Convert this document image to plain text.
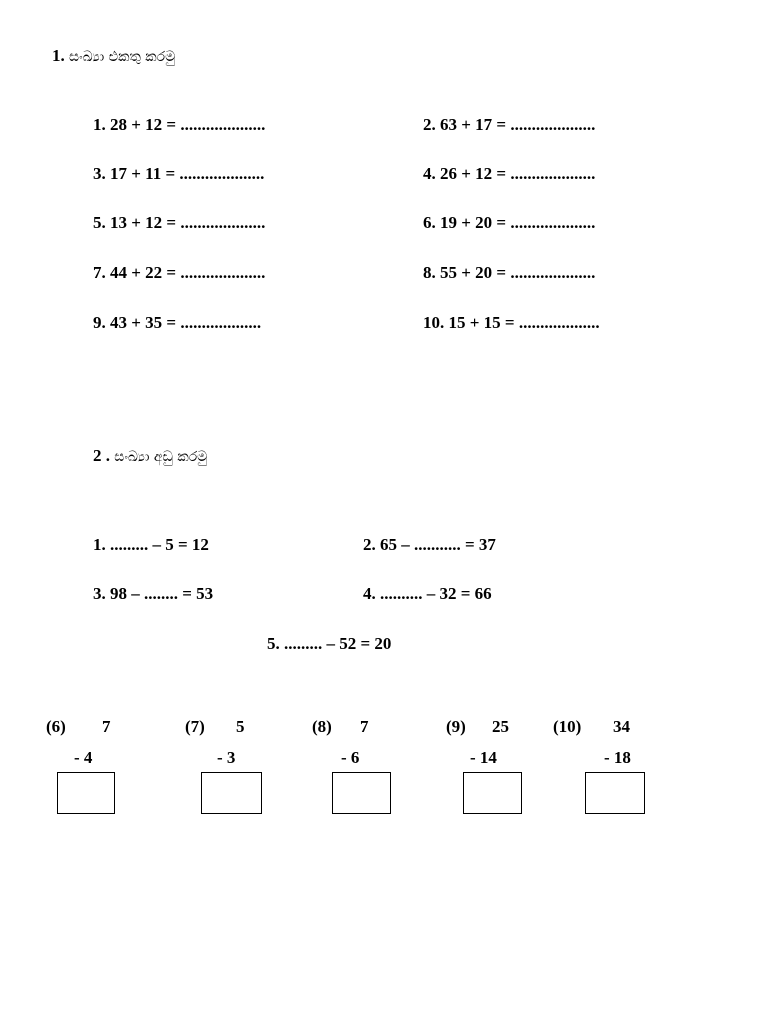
1. සංඛ්‍යා එකතු කරමු
1. 28 + 12 = ....................
3. 17 + 11 = ....................
5. 13 + 12 = ....................
7. 44 + 22 = ....................
9. 43 + 35 = ...................
2. 63 + 17 = ....................
4. 26 + 12 = ....................
6. 19 + 20 = ....................
8. 55 + 20 = ....................
10. 15 + 15 = ...................
2 . සංඛ්‍යා අඩු කරමු
1. ......... – 5 = 12
3. 98 – ........ = 53
2. 65 – ........... = 37
4. .......... – 32 = 66
5. ......... – 52 = 20
(6) 7
- 4
(7) 5
- 3
(8) 7
- 6
(9) 25
- 14
(10) 34
- 18
